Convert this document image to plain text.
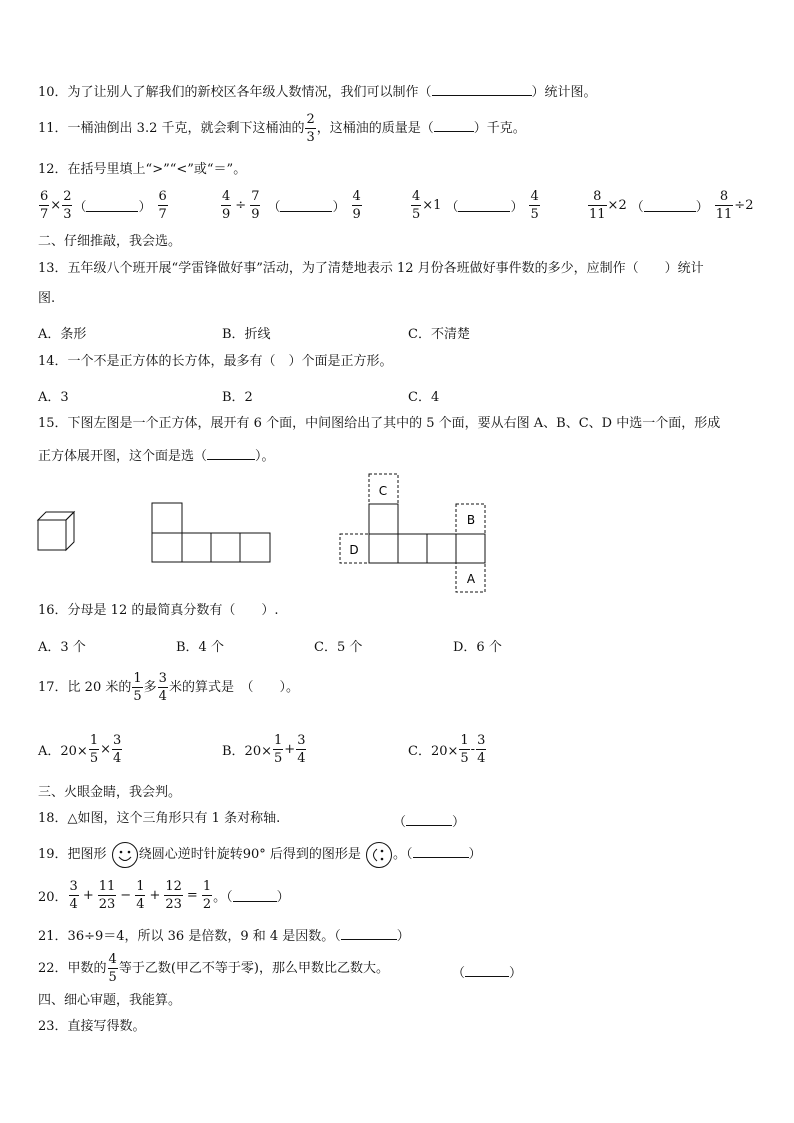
10．为了让别人了解我们的新校区各年级人数情况，我们可以制作（	）统计图。
11．一桶油倒出 3.2 千克，就会剩下这桶油的 $\frac{2}{3}$ ，这桶油的质量是（	）千克。
12．在括号里填上“>”“<”或“＝”。
$\frac{6}{7} \times \frac{2}{3}$ （	） $\frac{6}{7}$	$\frac{4}{9} \div \frac{7}{9}$ （	） $\frac{4}{9}$	$\frac{4}{5} \times 1$ （	） $\frac{4}{5}$	$\frac{8}{11} \times 2$ （	） $\frac{8}{11} \div 2$
二、仔细推敲，我会选。
13．五年级八个班开展“学雷锋做好事”活动，为了清楚地表示 12 月份各班做好事件数的多少，应制作（　　）统计
图.
A．条形	B．折线	C．不清楚
14．一个不是正方体的长方体，最多有（　）个面是正方形。
A．3	B．2	C．4
15．下图左图是一个正方体，展开有 6 个面，中间图给出了其中的 5 个面，要从右图 A、B、C、D 中选一个面，形成
正方体展开图，这个面是选（	）。
C
D
B
A
16．分母是 12 的最简真分数有（　　）.
A．3 个	B．4 个	C．5 个	D．6 个
17．比 20 米的 $\frac{1}{5}$ 多 $\frac{3}{4}$ 米的算式是　（　　）。
A．$20\times \frac{1}{5} \times \frac{3}{4}$	B．$20\times \frac{1}{5} + \frac{3}{4}$	C．$20\times \frac{1}{5} - \frac{3}{4}$
三、火眼金睛，我会判。
18．△如图，这个三角形只有 1 条对称轴.	（	）
19．把图形 绕圆心逆时针旋转90° 后得到的图形是 。（	）
20． $\frac{3}{4} + \frac{11}{23} - \frac{1}{4} + \frac{12}{23} = \frac{1}{2}$ 。（	）
21．36÷9＝4，所以 36 是倍数，9 和 4 是因数。（	）
22．甲数的 $\frac{4}{5}$ 等于乙数(甲乙不等于零)，那么甲数比乙数大。	（	）
四、细心审题，我能算。
23．直接写得数。
